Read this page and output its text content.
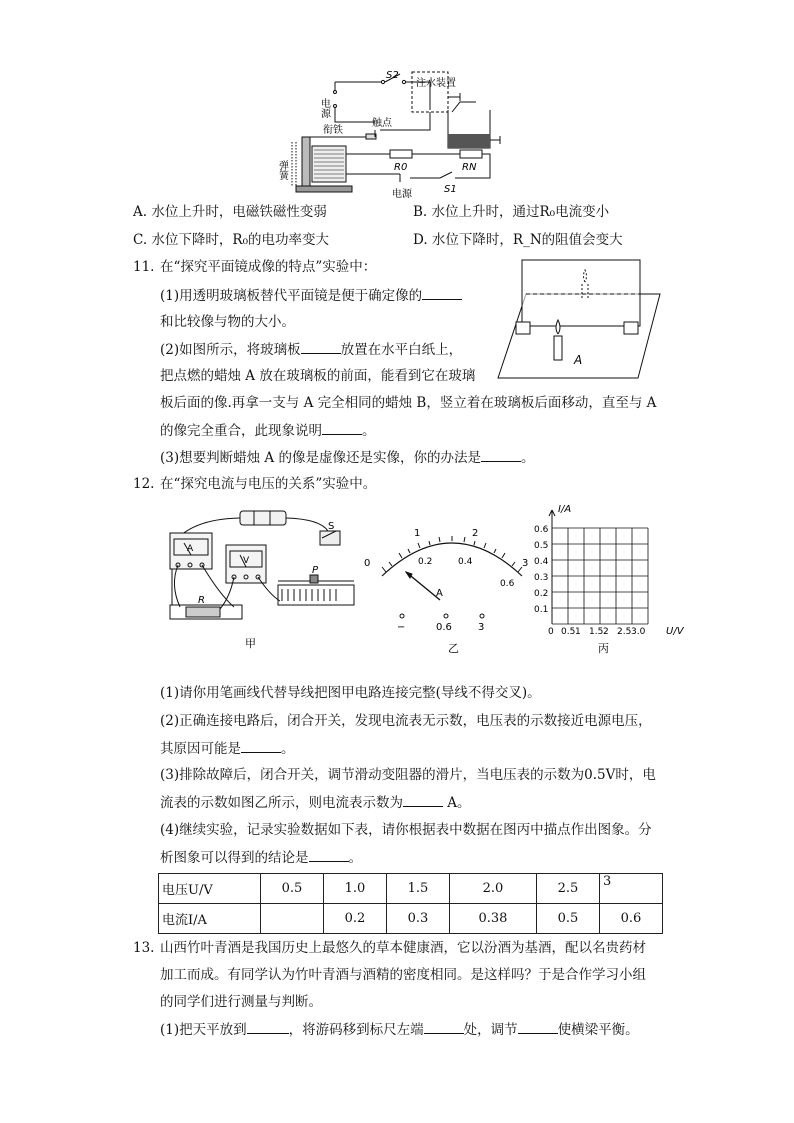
S2
电源
注水装置
衔铁
触点
弹簧	R0	RN
电源	S1
A. 水位上升时，电磁铁磁性变弱	B. 水位上升时，通过R₀电流变小
C. 水位下降时，R₀的电功率变大	D. 水位下降时，R_N的阻值会变大
11. 在“探究平面镜成像的特点”实验中：
(1)用透明玻璃板替代平面镜是便于确定像的
和比较像与物的大小。
(2)如图所示，将玻璃板	放置在水平白纸上，
把点燃的蜡烛 A 放在玻璃板的前面，能看到它在玻璃
板后面的像.再拿一支与 A 完全相同的蜡烛 B，竖立着在玻璃板后面移动，直至与 A
的像完全重合，此现象说明	。
(3)想要判断蜡烛 A 的像是虚像还是实像，你的办法是	。
A
12. 在“探究电流与电压的关系”实验中。
S
A
V
R
P
甲
0
1	2
3
0.2	0.4
0.6
A
−	0.6	3
乙
I/A
U/V
0.6
0.5
0.4
0.3
0.2
0.1
0 0.5 1 1.5 2 2.5 3.0
丙
(1)请你用笔画线代替导线把图甲电路连接完整(导线不得交叉)。
(2)正确连接电路后，闭合开关，发现电流表无示数，电压表的示数接近电源电压，
其原因可能是	。
(3)排除故障后，闭合开关，调节滑动变阻器的滑片，当电压表的示数为0.5V时，电
流表的示数如图乙所示，则电流表示数为	A。
(4)继续实验，记录实验数据如下表，请你根据表中数据在图丙中描点作出图象。分
析图象可以得到的结论是	。
电压U/V	0.5	1.0	1.5	2.0	2.5	3
电流I/A		0.2	0.3	0.38	0.5	0.6
13. 山西竹叶青酒是我国历史上最悠久的草本健康酒，它以汾酒为基酒，配以名贵药材
加工而成。有同学认为竹叶青酒与酒精的密度相同。是这样吗？于是合作学习小组
的同学们进行测量与判断。
(1)把天平放到	，将游码移到标尺左端	处，调节	使横梁平衡。
